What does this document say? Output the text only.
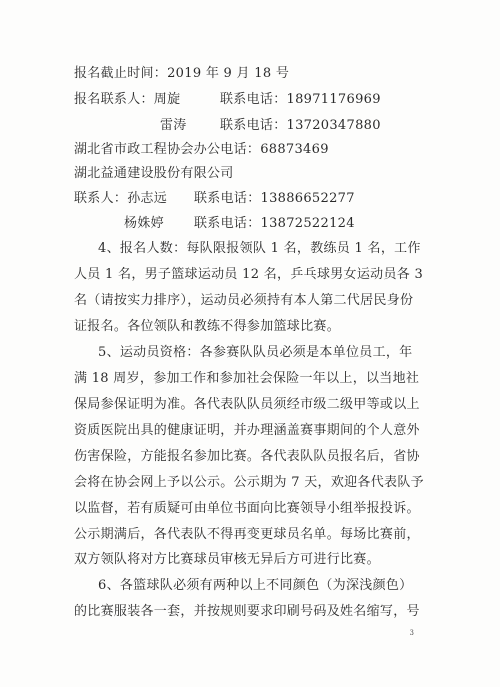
报名截止时间：2019 年 9 月 18 号
报名联系人：周旋	联系电话：18971176969
雷涛	联系电话：13720347880
湖北省市政工程协会办公电话：68873469
湖北益通建设股份有限公司
联系人：孙志远 联系电话：13886652277
杨姝婷 联系电话：13872522124
4、报名人数：每队限报领队 1 名，教练员 1 名，工作
人员 1 名，男子篮球运动员 12 名，乒乓球男女运动员各 3
名（请按实力排序），运动员必须持有本人第二代居民身份
证报名。各位领队和教练不得参加篮球比赛。
5、运动员资格：各参赛队队员必须是本单位员工，年
满 18 周岁，参加工作和参加社会保险一年以上，以当地社
保局参保证明为准。各代表队队员须经市级二级甲等或以上
资质医院出具的健康证明，并办理涵盖赛事期间的个人意外
伤害保险，方能报名参加比赛。各代表队队员报名后，省协
会将在协会网上予以公示。公示期为 7 天，欢迎各代表队予
以监督，若有质疑可由单位书面向比赛领导小组举报投诉。
公示期满后，各代表队不得再变更球员名单。每场比赛前，
双方领队将对方比赛球员审核无异后方可进行比赛。
6、各篮球队必须有两种以上不同颜色（为深浅颜色）
的比赛服装各一套，并按规则要求印刷号码及姓名缩写，号
3
